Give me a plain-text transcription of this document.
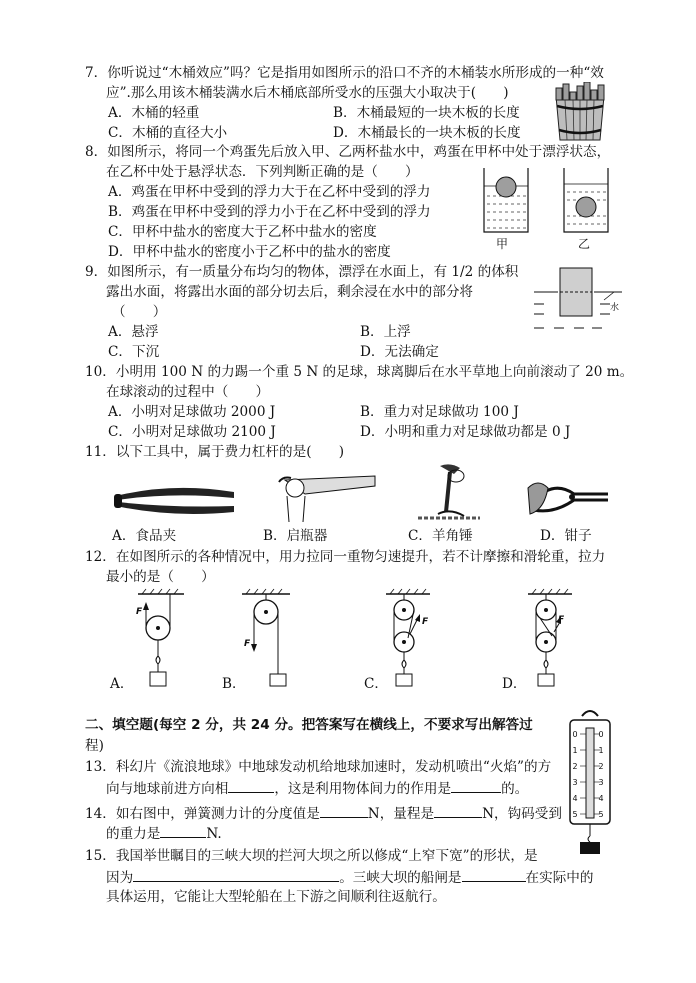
7．你听说过“木桶效应”吗？它是指用如图所示的沿口不齐的木桶装水所形成的一种“效
应”.那么用该木桶装满水后木桶底部所受水的压强大小取决于(　　)
A．木桶的轻重	B．木桶最短的一块木板的长度
C．木桶的直径大小	D．木桶最长的一块木板的长度
8．如图所示，将同一个鸡蛋先后放入甲、乙两杯盐水中，鸡蛋在甲杯中处于漂浮状态，
在乙杯中处于悬浮状态．下列判断正确的是（　　）
A．鸡蛋在甲杯中受到的浮力大于在乙杯中受到的浮力
B．鸡蛋在甲杯中受到的浮力小于在乙杯中受到的浮力
C．甲杯中盐水的密度大于乙杯中盐水的密度
D．甲杯中盐水的密度小于乙杯中的盐水的密度	甲	乙
9．如图所示，有一质量分布均匀的物体，漂浮在水面上，有 1/2 的体积
露出水面，将露出水面的部分切去后，剩余浸在水中的部分将
（　　）
A．悬浮	B．上浮
C．下沉	D．无法确定
水
10．小明用 100 N 的力踢一个重 5 N 的足球，球离脚后在水平草地上向前滚动了 20 m。
在球滚动的过程中（　　）
A．小明对足球做功 2000 J	B．重力对足球做功 100 J
C．小明对足球做功 2100 J	D．小明和重力对足球做功都是 0 J
11．以下工具中，属于费力杠杆的是(　　)
A．食品夹	B．启瓶器	C．羊角锤	D．钳子
12．在如图所示的各种情况中，用力拉同一重物匀速提升，若不计摩擦和滑轮重，拉力
最小的是（　　）
F
A．
F
B．
F
C．
F
D．
二、填空题(每空 2 分，共 24 分。把答案写在横线上，不要求写出解答过
程)
0	0
1	1
2	2
3	3
4	4
5	5
13．科幻片《流浪地球》中地球发动机给地球加速时，发动机喷出“火焰”的方
向与地球前进方向相	，这是利用物体间力的作用是	的。
14．如右图中，弹簧测力计的分度值是	N，量程是	N，钩码受到
的重力是	N.
15．我国举世瞩目的三峡大坝的拦河大坝之所以修成“上窄下宽”的形状，是
因为	。三峡大坝的船闸是	在实际中的
具体运用，它能让大型轮船在上下游之间顺利往返航行。
